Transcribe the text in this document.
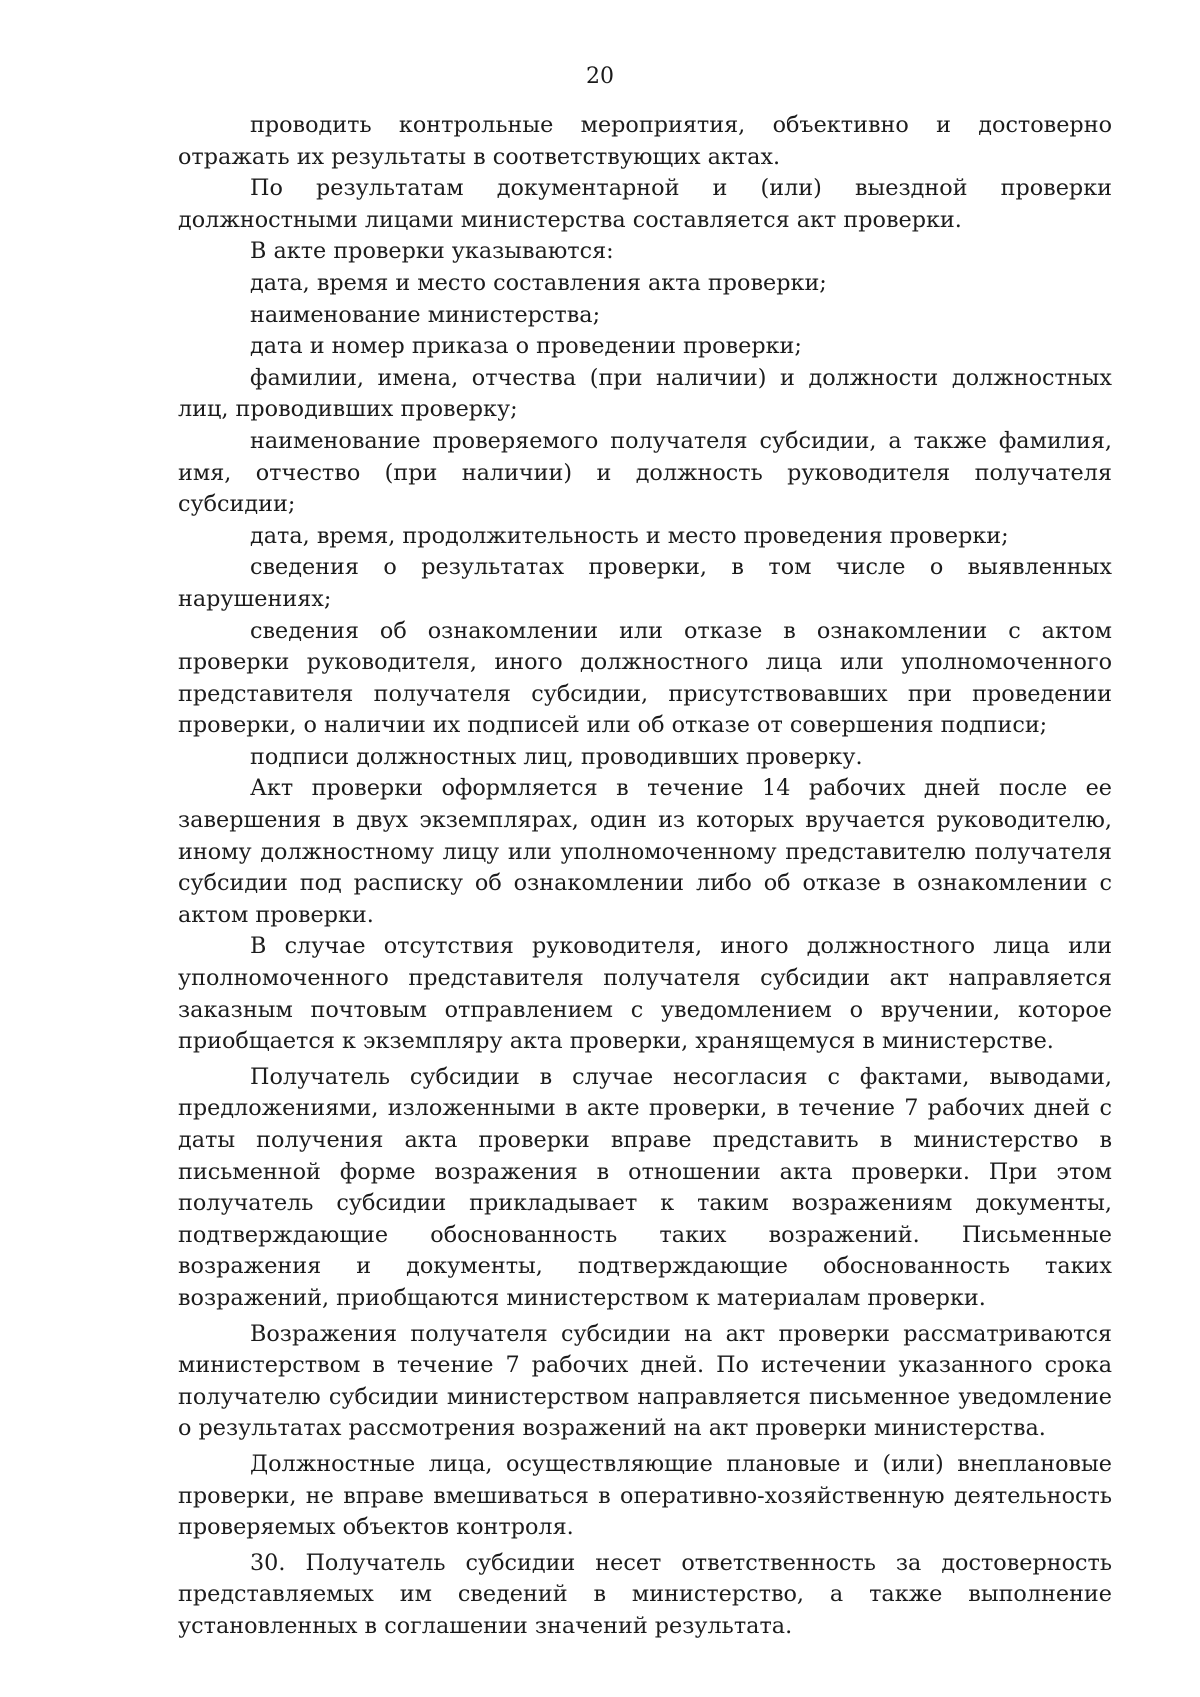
20

проводить контрольные мероприятия, объективно и достоверно отражать их результаты в соответствующих актах.

По результатам документарной и (или) выездной проверки должностными лицами министерства составляется акт проверки.

В акте проверки указываются:

дата, время и место составления акта проверки;

наименование министерства;

дата и номер приказа о проведении проверки;

фамилии, имена, отчества (при наличии) и должности должностных лиц, проводивших проверку;

наименование проверяемого получателя субсидии, а также фамилия, имя, отчество (при наличии) и должность руководителя получателя субсидии;

дата, время, продолжительность и место проведения проверки;

сведения о результатах проверки, в том числе о выявленных нарушениях;

сведения об ознакомлении или отказе в ознакомлении с актом проверки руководителя, иного должностного лица или уполномоченного представителя получателя субсидии, присутствовавших при проведении проверки, о наличии их подписей или об отказе от совершения подписи;

подписи должностных лиц, проводивших проверку.

Акт проверки оформляется в течение 14 рабочих дней после ее завершения в двух экземплярах, один из которых вручается руководителю, иному должностному лицу или уполномоченному представителю получателя субсидии под расписку об ознакомлении либо об отказе в ознакомлении с актом проверки.

В случае отсутствия руководителя, иного должностного лица или уполномоченного представителя получателя субсидии акт направляется заказным почтовым отправлением с уведомлением о вручении, которое приобщается к экземпляру акта проверки, хранящемуся в министерстве.

Получатель субсидии в случае несогласия с фактами, выводами, предложениями, изложенными в акте проверки, в течение 7 рабочих дней с даты получения акта проверки вправе представить в министерство в письменной форме возражения в отношении акта проверки. При этом получатель субсидии прикладывает к таким возражениям документы, подтверждающие обоснованность таких возражений. Письменные возражения и документы, подтверждающие обоснованность таких возражений, приобщаются министерством к материалам проверки.

Возражения получателя субсидии на акт проверки рассматриваются министерством в течение 7 рабочих дней. По истечении указанного срока получателю субсидии министерством направляется письменное уведомление о результатах рассмотрения возражений на акт проверки министерства.

Должностные лица, осуществляющие плановые и (или) внеплановые проверки, не вправе вмешиваться в оперативно-хозяйственную деятельность проверяемых объектов контроля.

30. Получатель субсидии несет ответственность за достоверность представляемых им сведений в министерство, а также выполнение установленных в соглашении значений результата.
